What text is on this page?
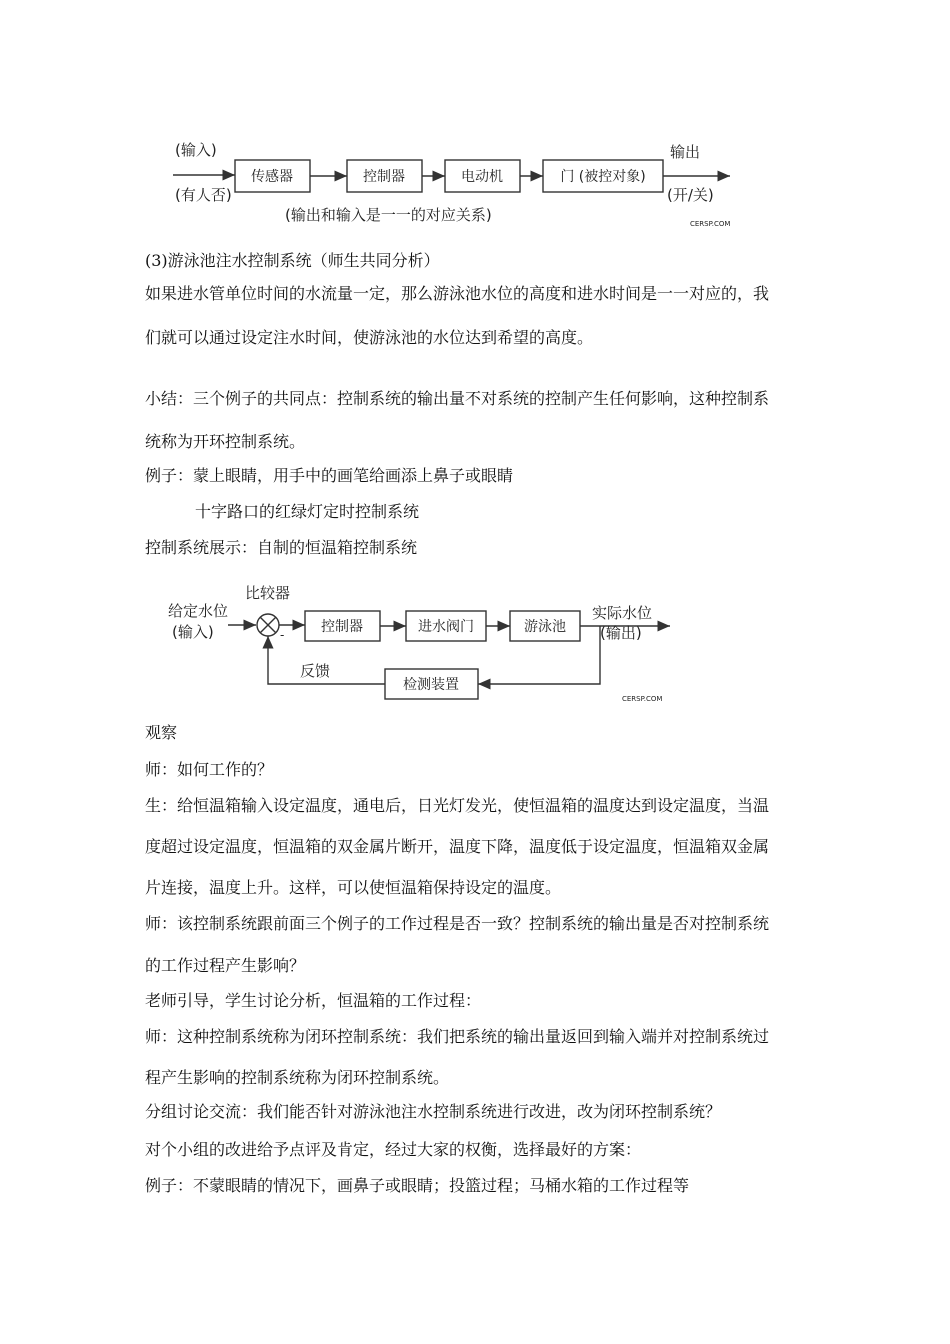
(输入)
(有人否)
传感器	控制器	电动机	门 (被控对象)
输出
(开/关)
(输出和输入是一一的对应关系)	CERSP.COM
(3)游泳池注水控制系统（师生共同分析）
如果进水管单位时间的水流量一定，那么游泳池水位的高度和进水时间是一一对应的，我
们就可以通过设定注水时间，使游泳池的水位达到希望的高度。
小结：三个例子的共同点：控制系统的输出量不对系统的控制产生任何影响，这种控制系
统称为开环控制系统。
例子：蒙上眼睛，用手中的画笔给画添上鼻子或眼睛
十字路口的红绿灯定时控制系统
控制系统展示：自制的恒温箱控制系统
比较器
给定水位
(输入)	-	控制器	进水阀门	游泳池
实际水位
(输出)
检测装置
反馈
CERSP.COM
观察
师：如何工作的？
生：给恒温箱输入设定温度，通电后，日光灯发光，使恒温箱的温度达到设定温度，当温
度超过设定温度，恒温箱的双金属片断开，温度下降，温度低于设定温度，恒温箱双金属
片连接，温度上升。这样，可以使恒温箱保持设定的温度。
师：该控制系统跟前面三个例子的工作过程是否一致？控制系统的输出量是否对控制系统
的工作过程产生影响？
老师引导，学生讨论分析，恒温箱的工作过程：
师：这种控制系统称为闭环控制系统：我们把系统的输出量返回到输入端并对控制系统过
程产生影响的控制系统称为闭环控制系统。
分组讨论交流：我们能否针对游泳池注水控制系统进行改进，改为闭环控制系统？
对个小组的改进给予点评及肯定，经过大家的权衡，选择最好的方案：
例子：不蒙眼睛的情况下，画鼻子或眼睛；投篮过程；马桶水箱的工作过程等
